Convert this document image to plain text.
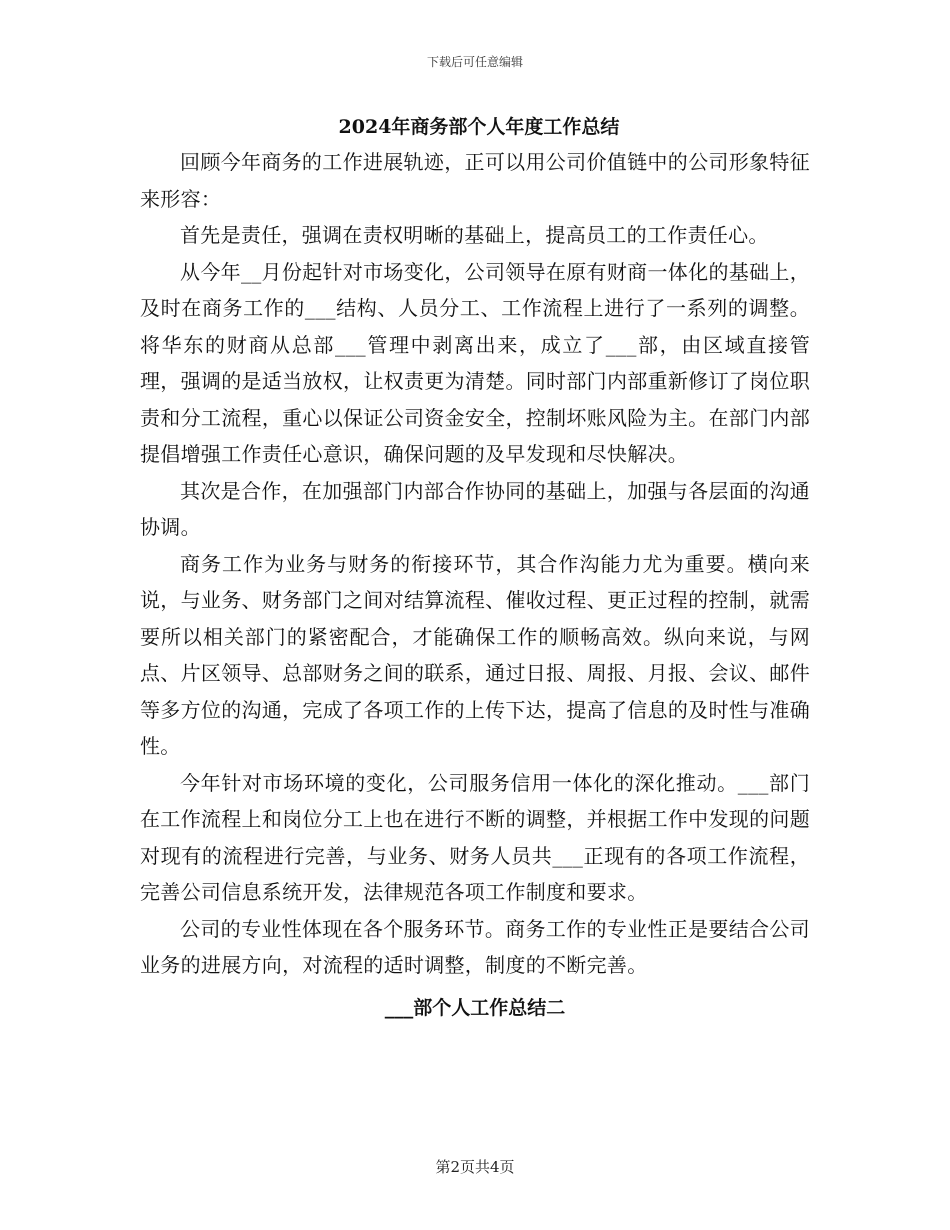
下载后可任意编辑
2024年商务部个人年度工作总结

回顾今年商务的工作进展轨迹，正可以用公司价值链中的公司形象特征来形容：

首先是责任，强调在责权明晰的基础上，提高员工的工作责任心。

从今年__月份起针对市场变化，公司领导在原有财商一体化的基础上，及时在商务工作的___结构、人员分工、工作流程上进行了一系列的调整。将华东的财商从总部___管理中剥离出来，成立了___部，由区域直接管理，强调的是适当放权，让权责更为清楚。同时部门内部重新修订了岗位职责和分工流程，重心以保证公司资金安全，控制坏账风险为主。在部门内部提倡增强工作责任心意识，确保问题的及早发现和尽快解决。

其次是合作，在加强部门内部合作协同的基础上，加强与各层面的沟通协调。

商务工作为业务与财务的衔接环节，其合作沟能力尤为重要。横向来说，与业务、财务部门之间对结算流程、催收过程、更正过程的控制，就需要所以相关部门的紧密配合，才能确保工作的顺畅高效。纵向来说，与网点、片区领导、总部财务之间的联系，通过日报、周报、月报、会议、邮件等多方位的沟通，完成了各项工作的上传下达，提高了信息的及时性与准确性。

今年针对市场环境的变化，公司服务信用一体化的深化推动。___部门在工作流程上和岗位分工上也在进行不断的调整，并根据工作中发现的问题对现有的流程进行完善，与业务、财务人员共___正现有的各项工作流程，完善公司信息系统开发，法律规范各项工作制度和要求。

公司的专业性体现在各个服务环节。商务工作的专业性正是要结合公司业务的进展方向，对流程的适时调整，制度的不断完善。

___部个人工作总结二
第2页共4页
